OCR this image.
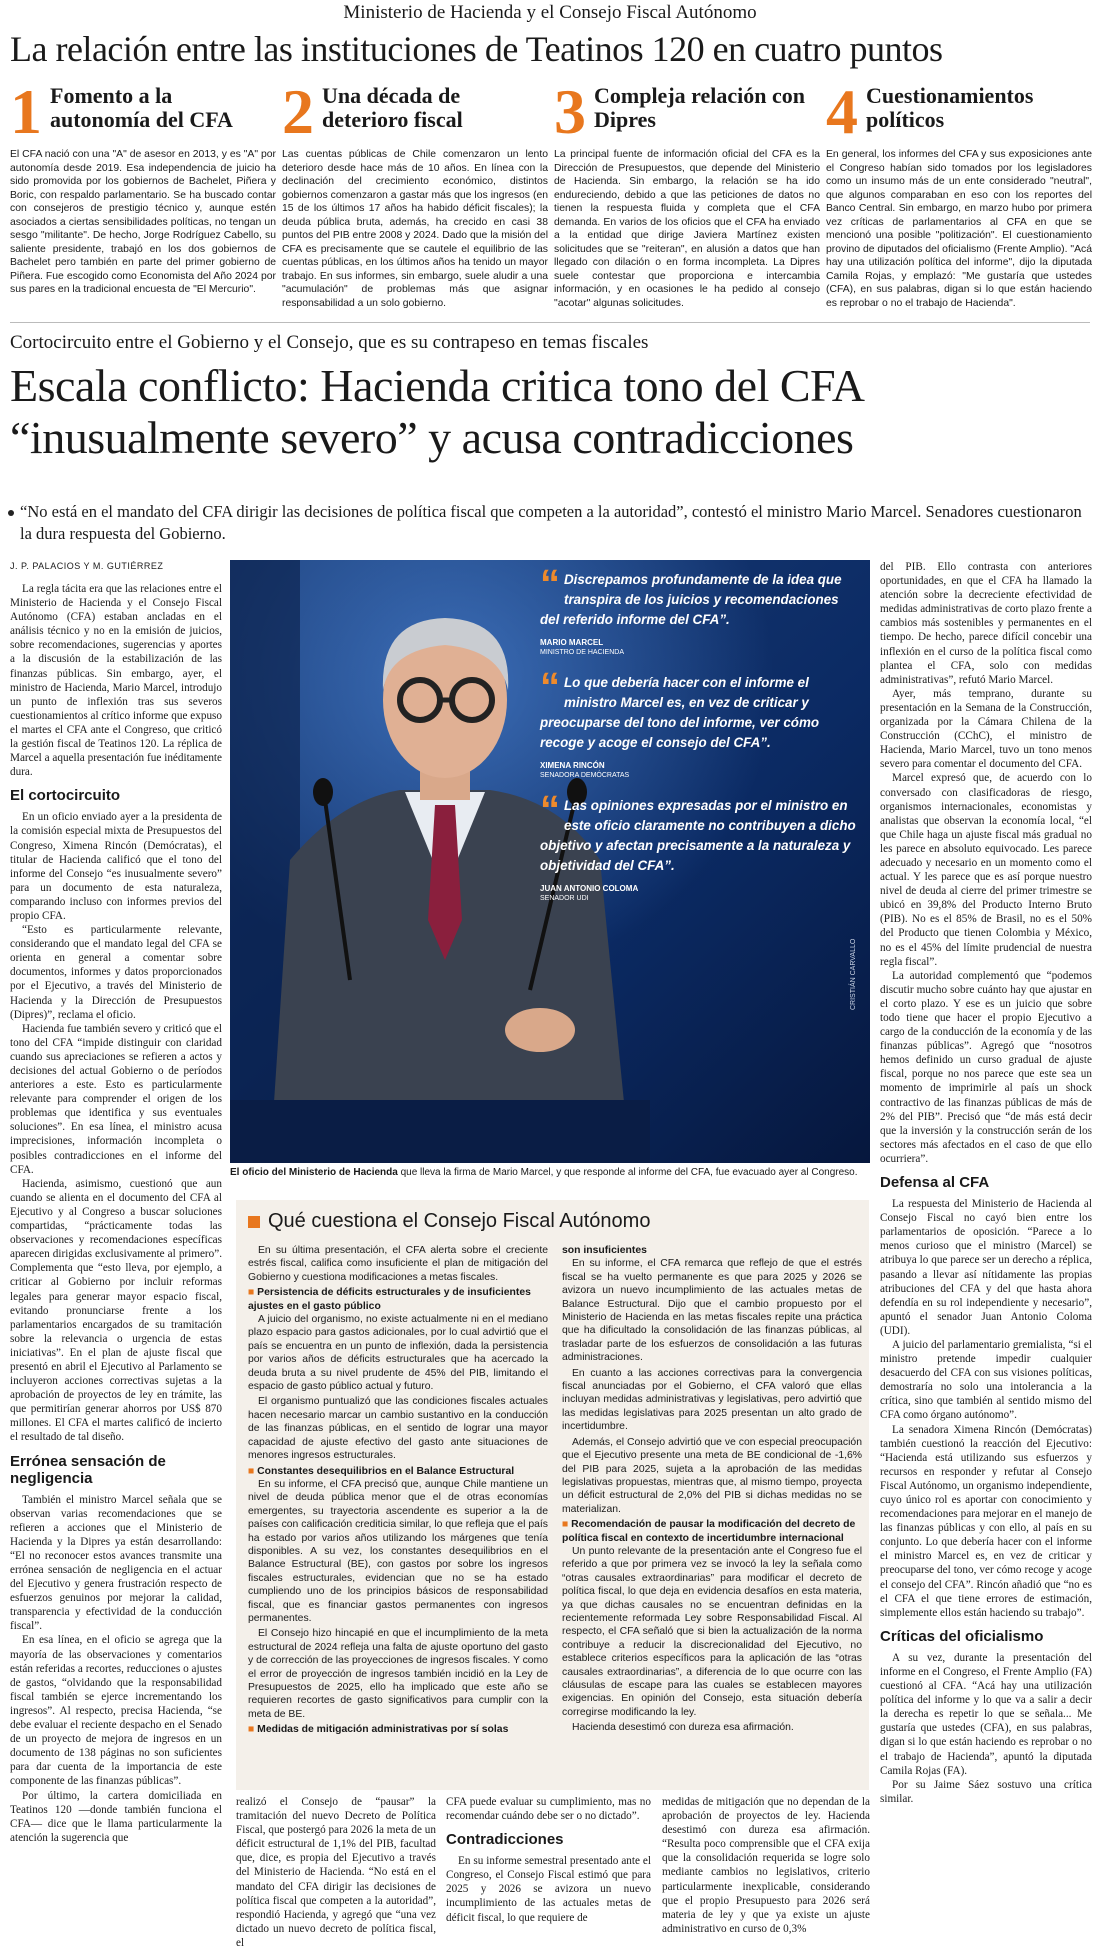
Ministerio de Hacienda y el Consejo Fiscal Autónomo
La relación entre las instituciones de Teatinos 120 en cuatro puntos
1 Fomento a la autonomía del CFA

El CFA nació con una "A" de asesor en 2013, y es "A" por autonomía desde 2019. Esa independencia de juicio ha sido promovida por los gobiernos de Bachelet, Piñera y Boric, con respaldo parlamentario. Se ha buscado contar con consejeros de prestigio técnico y, aunque estén asociados a ciertas sensibilidades políticas, no tengan un sesgo "militante". De hecho, Jorge Rodríguez Cabello, su saliente presidente, trabajó en los dos gobiernos de Bachelet pero también en parte del primer gobierno de Piñera. Fue escogido como Economista del Año 2024 por sus pares en la tradicional encuesta de "El Mercurio".

2 Una década de deterioro fiscal

Las cuentas públicas de Chile comenzaron un lento deterioro desde hace más de 10 años. En línea con la declinación del crecimiento económico, distintos gobiernos comenzaron a gastar más que los ingresos (en 15 de los últimos 17 años ha habido déficit fiscales); la deuda pública bruta, además, ha crecido en casi 38 puntos del PIB entre 2008 y 2024. Dado que la misión del CFA es precisamente que se cautele el equilibrio de las cuentas públicas, en los últimos años ha tenido un mayor trabajo. En sus informes, sin embargo, suele aludir a una "acumulación" de problemas más que asignar responsabilidad a un solo gobierno.

3 Compleja relación con Dipres

La principal fuente de información oficial del CFA es la Dirección de Presupuestos, que depende del Ministerio de Hacienda. Sin embargo, la relación se ha ido endureciendo, debido a que las peticiones de datos no tienen la respuesta fluida y completa que el CFA demanda. En varios de los oficios que el CFA ha enviado a la entidad que dirige Javiera Martínez existen solicitudes que se "reiteran", en alusión a datos que han llegado con dilación o en forma incompleta. La Dipres suele contestar que proporciona e intercambia información, y en ocasiones le ha pedido al consejo "acotar" algunas solicitudes.

4 Cuestionamientos políticos

En general, los informes del CFA y sus exposiciones ante el Congreso habían sido tomados por los legisladores como un insumo más de un ente considerado "neutral", que algunos comparaban en eso con los reportes del Banco Central. Sin embargo, en marzo hubo por primera vez críticas de parlamentarios al CFA en que se mencionó una posible "politización". El cuestionamiento provino de diputados del oficialismo (Frente Amplio). "Acá hay una utilización política del informe", dijo la diputada Camila Rojas, y emplazó: "Me gustaría que ustedes (CFA), en sus palabras, digan si lo que están haciendo es reprobar o no el trabajo de Hacienda".

Cortocircuito entre el Gobierno y el Consejo, que es su contrapeso en temas fiscales
Escala conflicto: Hacienda critica tono del CFA
“inusualmente severo” y acusa contradicciones
“No está en el mandato del CFA dirigir las decisiones de política fiscal que competen a la autoridad”, contestó el ministro Mario Marcel. Senadores cuestionaron la dura respuesta del Gobierno.
J. P. PALACIOS Y M. GUTIÉRREZ

La regla tácita era que las relaciones entre el Ministerio de Hacienda y el Consejo Fiscal Autónomo (CFA) estaban ancladas en el análisis técnico y no en la emisión de juicios, sobre recomendaciones, sugerencias y aportes a la discusión de la estabilización de las finanzas públicas. Sin embargo, ayer, el ministro de Hacienda, Mario Marcel, introdujo un punto de inflexión tras sus severos cuestionamientos al crítico informe que expuso el martes el CFA ante el Congreso, que criticó la gestión fiscal de Teatinos 120. La réplica de Marcel a aquella presentación fue inéditamente dura.

El cortocircuito

En un oficio enviado ayer a la presidenta de la comisión especial mixta de Presupuestos del Congreso, Ximena Rincón (Demócratas), el titular de Hacienda calificó que el tono del informe del Consejo “es inusualmente severo” para un documento de esta naturaleza, comparando incluso con informes previos del propio CFA.

“Esto es particularmente relevante, considerando que el mandato legal del CFA se orienta en general a comentar sobre documentos, informes y datos proporcionados por el Ejecutivo, a través del Ministerio de Hacienda y la Dirección de Presupuestos (Dipres)”, reclama el oficio.

Hacienda fue también severo y criticó que el tono del CFA “impide distinguir con claridad cuando sus apreciaciones se refieren a actos y decisiones del actual Gobierno o de períodos anteriores a este. Esto es particularmente relevante para comprender el origen de los problemas que identifica y sus eventuales soluciones”. En esa línea, el ministro acusa imprecisiones, información incompleta o posibles contradicciones en el informe del CFA.

Hacienda, asimismo, cuestionó que aun cuando se alienta en el documento del CFA al Ejecutivo y al Congreso a buscar soluciones compartidas, “prácticamente todas las observaciones y recomendaciones específicas aparecen dirigidas exclusivamente al primero”. Complementa que “esto lleva, por ejemplo, a criticar al Gobierno por incluir reformas legales para generar mayor espacio fiscal, evitando pronunciarse frente a los parlamentarios encargados de su tramitación sobre la relevancia o urgencia de estas iniciativas”. En el plan de ajuste fiscal que presentó en abril el Ejecutivo al Parlamento se incluyeron acciones correctivas sujetas a la aprobación de proyectos de ley en trámite, las que permitirían generar ahorros por US$ 870 millones. El CFA el martes calificó de incierto el resultado de tal diseño.

Errónea sensación de negligencia

También el ministro Marcel señala que se observan varias recomendaciones que se refieren a acciones que el Ministerio de Hacienda y la Dipres ya están desarrollando: “El no reconocer estos avances transmite una errónea sensación de negligencia en el actuar del Ejecutivo y genera frustración respecto de esfuerzos genuinos por mejorar la calidad, transparencia y efectividad de la conducción fiscal”.

En esa línea, en el oficio se agrega que la mayoría de las observaciones y comentarios están referidas a recortes, reducciones o ajustes de gastos, “olvidando que la responsabilidad fiscal también se ejerce incrementando los ingresos”. Al respecto, precisa Hacienda, “se debe evaluar el reciente despacho en el Senado de un proyecto de mejora de ingresos en un documento de 138 páginas no son suficientes para dar cuenta de la importancia de este componente de las finanzas públicas”.

Por último, la cartera domiciliada en Teatinos 120 —donde también funciona el CFA— dice que le llama particularmente la atención la sugerencia que

CRISTIÁN CARVALLO
“ Discrepamos profundamente de la idea que transpira de los juicios y recomendaciones del referido informe del CFA”.
MARIO MARCEL
MINISTRO DE HACIENDA
“ Lo que debería hacer con el informe el ministro Marcel es, en vez de criticar y preocuparse del tono del informe, ver cómo recoge y acoge el consejo del CFA”.
XIMENA RINCÓN
SENADORA DEMÓCRATAS
“ Las opiniones expresadas por el ministro en este oficio claramente no contribuyen a dicho objetivo y afectan precisamente a la naturaleza y objetividad del CFA”.
JUAN ANTONIO COLOMA
SENADOR UDI
El oficio del Ministerio de Hacienda que lleva la firma de Mario Marcel, y que responde al informe del CFA, fue evacuado ayer al Congreso.
Qué cuestiona el Consejo Fiscal Autónomo

En su última presentación, el CFA alerta sobre el creciente estrés fiscal, califica como insuficiente el plan de mitigación del Gobierno y cuestiona modificaciones a metas fiscales.

■ Persistencia de déficits estructurales y de insuficientes ajustes en el gasto público

A juicio del organismo, no existe actualmente ni en el mediano plazo espacio para gastos adicionales, por lo cual advirtió que el país se encuentra en un punto de inflexión, dada la persistencia por varios años de déficits estructurales que ha acercado la deuda bruta a su nivel prudente de 45% del PIB, limitando el espacio de gasto público actual y futuro.

El organismo puntualizó que las condiciones fiscales actuales hacen necesario marcar un cambio sustantivo en la conducción de las finanzas públicas, en el sentido de lograr una mayor capacidad de ajuste efectivo del gasto ante situaciones de menores ingresos estructurales.

■ Constantes desequilibrios en el Balance Estructural

En su informe, el CFA precisó que, aunque Chile mantiene un nivel de deuda pública menor que el de otras economías emergentes, su trayectoria ascendente es superior a la de países con calificación crediticia similar, lo que refleja que el país ha estado por varios años utilizando los márgenes que tenía disponibles. A su vez, los constantes desequilibrios en el Balance Estructural (BE), con gastos por sobre los ingresos fiscales estructurales, evidencian que no se ha estado cumpliendo uno de los principios básicos de responsabilidad fiscal, que es financiar gastos permanentes con ingresos permanentes.

El Consejo hizo hincapié en que el incumplimiento de la meta estructural de 2024 refleja una falta de ajuste oportuno del gasto y de corrección de las proyecciones de ingresos fiscales. Y como el error de proyección de ingresos también incidió en la Ley de Presupuestos de 2025, ello ha implicado que este año se requieren recortes de gasto significativos para cumplir con la meta de BE.

■ Medidas de mitigación administrativas por sí solas
son insuficientes

En su informe, el CFA remarca que reflejo de que el estrés fiscal se ha vuelto permanente es que para 2025 y 2026 se avizora un nuevo incumplimiento de las actuales metas de Balance Estructural. Dijo que el cambio propuesto por el Ministerio de Hacienda en las metas fiscales repite una práctica que ha dificultado la consolidación de las finanzas públicas, al trasladar parte de los esfuerzos de consolidación a las futuras administraciones.

En cuanto a las acciones correctivas para la convergencia fiscal anunciadas por el Gobierno, el CFA valoró que ellas incluyan medidas administrativas y legislativas, pero advirtió que las medidas legislativas para 2025 presentan un alto grado de incertidumbre.

Además, el Consejo advirtió que ve con especial preocupación que el Ejecutivo presente una meta de BE condicional de -1,6% del PIB para 2025, sujeta a la aprobación de las medidas legislativas propuestas, mientras que, al mismo tiempo, proyecta un déficit estructural de 2,0% del PIB si dichas medidas no se materializan.

■ Recomendación de pausar la modificación del decreto de política fiscal en contexto de incertidumbre internacional

Un punto relevante de la presentación ante el Congreso fue el referido a que por primera vez se invocó la ley la señala como “otras causales extraordinarias” para modificar el decreto de política fiscal, lo que deja en evidencia desafíos en esta materia, ya que dichas causales no se encuentran definidas en la recientemente reformada Ley sobre Responsabilidad Fiscal. Al respecto, el CFA señaló que si bien la actualización de la norma contribuye a reducir la discrecionalidad del Ejecutivo, no establece criterios específicos para la aplicación de las “otras causales extraordinarias”, a diferencia de lo que ocurre con las cláusulas de escape para las cuales se establecen mayores exigencias. En opinión del Consejo, esta situación debería corregirse modificando la ley.

Hacienda desestimó con dureza esa afirmación.

realizó el Consejo de “pausar” la tramitación del nuevo Decreto de Política Fiscal, que postergó para 2026 la meta de un déficit estructural de 1,1% del PIB, facultad que, dice, es propia del Ejecutivo a través del Ministerio de Hacienda. “No está en el mandato del CFA dirigir las decisiones de política fiscal que competen a la autoridad”, respondió Hacienda, y agregó que “una vez dictado un nuevo decreto de política fiscal, el

CFA puede evaluar su cumplimiento, mas no recomendar cuándo debe ser o no dictado”.

Contradicciones

En su informe semestral presentado ante el Congreso, el Consejo Fiscal estimó que para 2025 y 2026 se avizora un nuevo incumplimiento de las actuales metas de déficit fiscal, lo que requiere de

medidas de mitigación que no dependan de la aprobación de proyectos de ley. Hacienda desestimó con dureza esa afirmación. “Resulta poco comprensible que el CFA exija que la consolidación requerida se logre solo mediante cambios no legislativos, criterio particularmente inexplicable, considerando que el propio Presupuesto para 2026 será materia de ley y que ya existe un ajuste administrativo en curso de 0,3%

del PIB. Ello contrasta con anteriores oportunidades, en que el CFA ha llamado la atención sobre la decreciente efectividad de medidas administrativas de corto plazo frente a cambios más sostenibles y permanentes en el tiempo. De hecho, parece difícil concebir una inflexión en el curso de la política fiscal como plantea el CFA, solo con medidas administrativas”, refutó Mario Marcel.

Ayer, más temprano, durante su presentación en la Semana de la Construcción, organizada por la Cámara Chilena de la Construcción (CChC), el ministro de Hacienda, Mario Marcel, tuvo un tono menos severo para comentar el documento del CFA.

Marcel expresó que, de acuerdo con lo conversado con clasificadoras de riesgo, organismos internacionales, economistas y analistas que observan la economía local, “el que Chile haga un ajuste fiscal más gradual no les parece en absoluto equivocado. Les parece adecuado y necesario en un momento como el actual. Y les parece que es así porque nuestro nivel de deuda al cierre del primer trimestre se ubicó en 39,8% del Producto Interno Bruto (PIB). No es el 85% de Brasil, no es el 50% del Producto que tienen Colombia y México, no es el 45% del límite prudencial de nuestra regla fiscal”.

La autoridad complementó que “podemos discutir mucho sobre cuánto hay que ajustar en el corto plazo. Y ese es un juicio que sobre todo tiene que hacer el propio Ejecutivo a cargo de la conducción de la economía y de las finanzas públicas”. Agregó que “nosotros hemos definido un curso gradual de ajuste fiscal, porque no nos parece que este sea un momento de imprimirle al país un shock contractivo de las finanzas públicas de más de 2% del PIB”. Precisó que “de más está decir que la inversión y la construcción serán de los sectores más afectados en el caso de que ello ocurriera”.

Defensa al CFA

La respuesta del Ministerio de Hacienda al Consejo Fiscal no cayó bien entre los parlamentarios de oposición. “Parece a lo menos curioso que el ministro (Marcel) se atribuya lo que parece ser un derecho a réplica, pasando a llevar así nítidamente las propias atribuciones del CFA y del que hasta ahora defendía en su rol independiente y necesario”, apuntó el senador Juan Antonio Coloma (UDI).

A juicio del parlamentario gremialista, “si el ministro pretende impedir cualquier desacuerdo del CFA con sus visiones políticas, demostraría no solo una intolerancia a la crítica, sino que también al sentido mismo del CFA como órgano autónomo”.

La senadora Ximena Rincón (Demócratas) también cuestionó la reacción del Ejecutivo: “Hacienda está utilizando sus esfuerzos y recursos en responder y refutar al Consejo Fiscal Autónomo, un organismo independiente, cuyo único rol es aportar con conocimiento y recomendaciones para mejorar en el manejo de las finanzas públicas y con ello, al país en su conjunto. Lo que debería hacer con el informe el ministro Marcel es, en vez de criticar y preocuparse del tono, ver cómo recoge y acoge el consejo del CFA”. Rincón añadió que “no es el CFA el que tiene errores de estimación, simplemente ellos están haciendo su trabajo”.

Críticas del oficialismo

A su vez, durante la presentación del informe en el Congreso, el Frente Amplio (FA) cuestionó al CFA. “Acá hay una utilización política del informe y lo que va a salir a decir la derecha es repetir lo que se señala... Me gustaría que ustedes (CFA), en sus palabras, digan si lo que están haciendo es reprobar o no el trabajo de Hacienda”, apuntó la diputada Camila Rojas (FA).

Por su Jaime Sáez sostuvo una crítica similar.
